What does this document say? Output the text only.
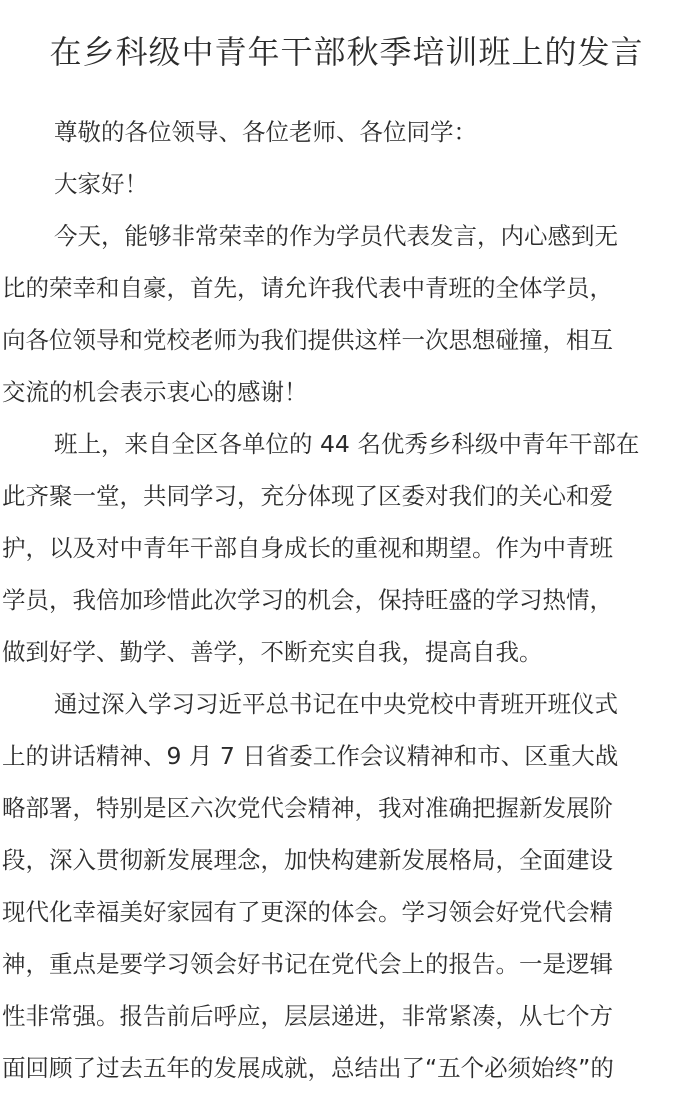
在乡科级中青年干部秋季培训班上的发言
尊敬的各位领导、各位老师、各位同学：
大家好！
今天，能够非常荣幸的作为学员代表发言，内心感到无
比的荣幸和自豪，首先，请允许我代表中青班的全体学员，
向各位领导和党校老师为我们提供这样一次思想碰撞，相互
交流的机会表示衷心的感谢！
班上，来自全区各单位的 44 名优秀乡科级中青年干部在
此齐聚一堂，共同学习，充分体现了区委对我们的关心和爱
护，以及对中青年干部自身成长的重视和期望。作为中青班
学员，我倍加珍惜此次学习的机会，保持旺盛的学习热情，
做到好学、勤学、善学，不断充实自我，提高自我。
通过深入学习习近平总书记在中央党校中青班开班仪式
上的讲话精神、9 月 7 日省委工作会议精神和市、区重大战
略部署，特别是区六次党代会精神，我对准确把握新发展阶
段，深入贯彻新发展理念，加快构建新发展格局，全面建设
现代化幸福美好家园有了更深的体会。学习领会好党代会精
神，重点是要学习领会好书记在党代会上的报告。一是逻辑
性非常强。报告前后呼应，层层递进，非常紧凑，从七个方
面回顾了过去五年的发展成就，总结出了“五个必须始终”的
